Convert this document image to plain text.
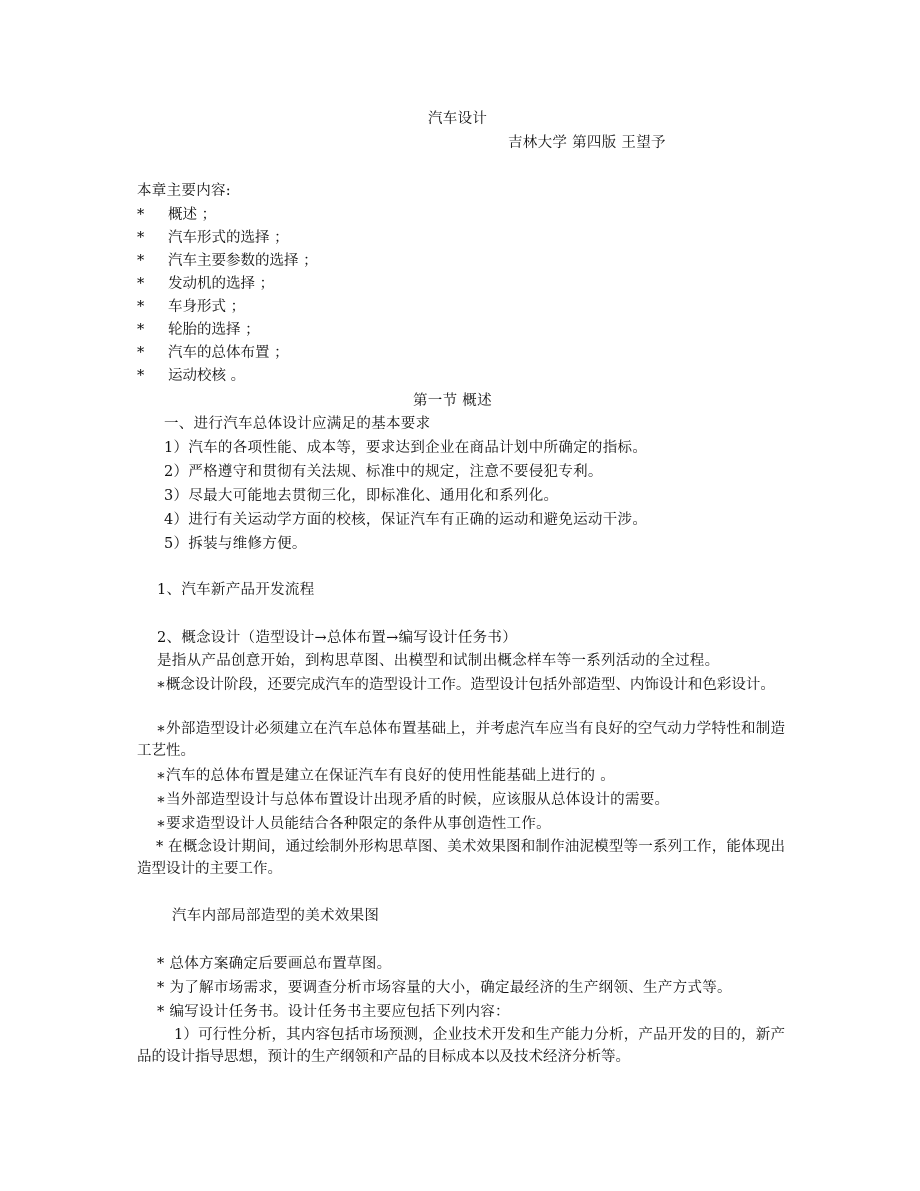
汽车设计
吉林大学 第四版 王望予
本章主要内容:
* 概述 ；
* 汽车形式的选择 ；
* 汽车主要参数的选择 ；
* 发动机的选择 ；
* 车身形式 ；
* 轮胎的选择 ；
* 汽车的总体布置 ；
* 运动校核 。
第一节 概述
一、进行汽车总体设计应满足的基本要求
1）汽车的各项性能、成本等，要求达到企业在商品计划中所确定的指标。
2）严格遵守和贯彻有关法规、标准中的规定，注意不要侵犯专利。
3）尽最大可能地去贯彻三化，即标准化、通用化和系列化。
4）进行有关运动学方面的校核，保证汽车有正确的运动和避免运动干涉。
5）拆装与维修方便。
1、汽车新产品开发流程
2、概念设计（造型设计→总体布置→编写设计任务书）
是指从产品创意开始，到构思草图、出模型和试制出概念样车等一系列活动的全过程。
∗概念设计阶段，还要完成汽车的造型设计工作。造型设计包括外部造型、内饰设计和色彩设计。
∗外部造型设计必须建立在汽车总体布置基础上，并考虑汽车应当有良好的空气动力学特性和制造工艺性。
∗汽车的总体布置是建立在保证汽车有良好的使用性能基础上进行的 。
∗当外部造型设计与总体布置设计出现矛盾的时候，应该服从总体设计的需要。
∗要求造型设计人员能结合各种限定的条件从事创造性工作。
* 在概念设计期间，通过绘制外形构思草图、美术效果图和制作油泥模型等一系列工作，能体现出造型设计的主要工作。
汽车内部局部造型的美术效果图
* 总体方案确定后要画总布置草图。
* 为了解市场需求，要调查分析市场容量的大小，确定最经济的生产纲领、生产方式等。
* 编写设计任务书。设计任务书主要应包括下列内容：
1）可行性分析，其内容包括市场预测，企业技术开发和生产能力分析，产品开发的目的，新产品的设计指导思想，预计的生产纲领和产品的目标成本以及技术经济分析等。
